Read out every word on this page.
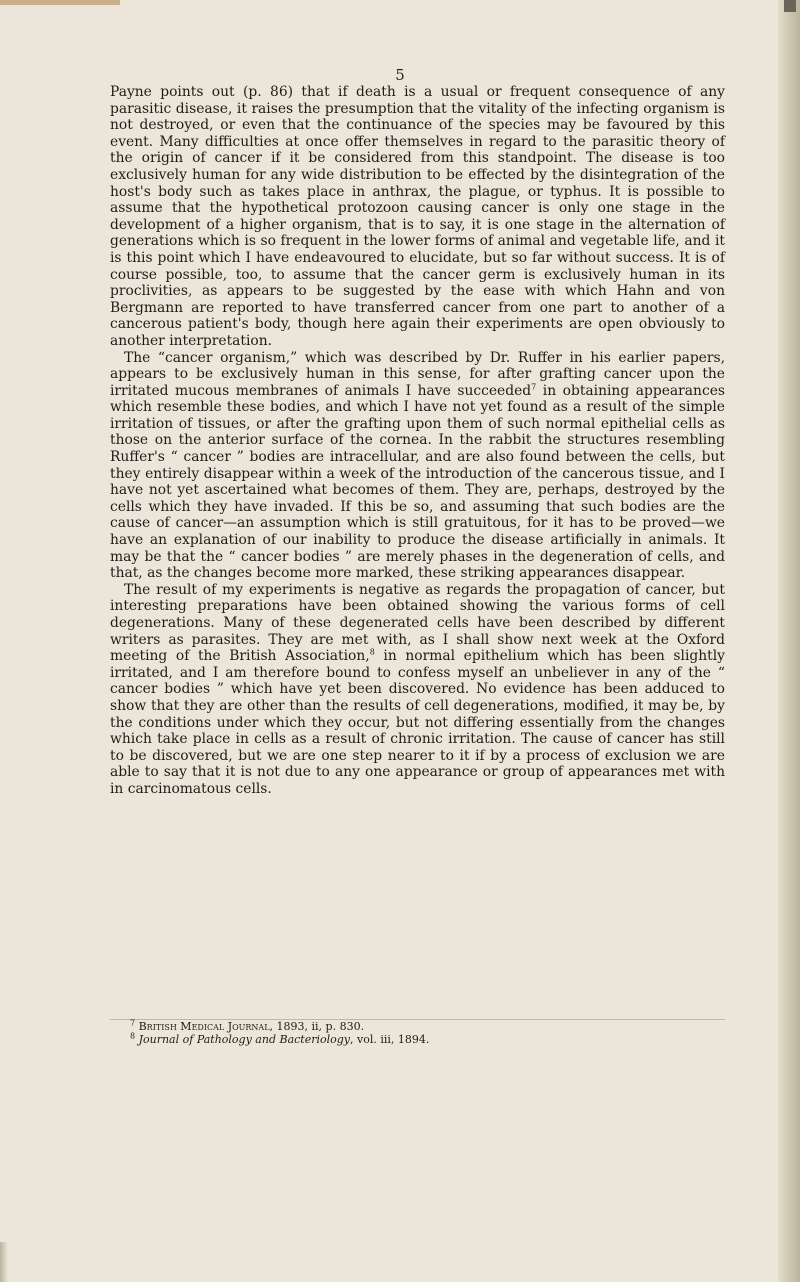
5

Payne points out (p. 86) that if death is a usual or frequent consequence of any parasitic disease, it raises the presumption that the vitality of the infecting organism is not destroyed, or even that the continuance of the species may be favoured by this event. Many difficulties at once offer themselves in regard to the parasitic theory of the origin of cancer if it be considered from this standpoint. The disease is too exclusively human for any wide distribution to be effected by the disintegration of the host's body such as takes place in anthrax, the plague, or typhus. It is possible to assume that the hypothetical protozoon causing cancer is only one stage in the development of a higher organism, that is to say, it is one stage in the alternation of generations which is so frequent in the lower forms of animal and vegetable life, and it is this point which I have endeavoured to elucidate, but so far without success. It is of course possible, too, to assume that the cancer germ is exclusively human in its proclivities, as appears to be suggested by the ease with which Hahn and von Bergmann are reported to have transferred cancer from one part to another of a cancerous patient's body, though here again their experiments are open obviously to another interpretation.

The “cancer organism,” which was described by Dr. Ruffer in his earlier papers, appears to be exclusively human in this sense, for after grafting cancer upon the irritated mucous membranes of animals I have succeeded$^7$ in obtaining appearances which resemble these bodies, and which I have not yet found as a result of the simple irritation of tissues, or after the grafting upon them of such normal epithelial cells as those on the anterior surface of the cornea. In the rabbit the structures resembling Ruffer's “ cancer ” bodies are intracellular, and are also found between the cells, but they entirely disappear within a week of the introduction of the cancerous tissue, and I have not yet ascertained what becomes of them. They are, perhaps, destroyed by the cells which they have invaded. If this be so, and assuming that such bodies are the cause of cancer—an assumption which is still gratuitous, for it has to be proved—we have an explanation of our inability to produce the disease artificially in animals. It may be that the “ cancer bodies ” are merely phases in the degeneration of cells, and that, as the changes become more marked, these striking appearances disappear.

The result of my experiments is negative as regards the propagation of cancer, but interesting preparations have been obtained showing the various forms of cell degenerations. Many of these degenerated cells have been described by different writers as parasites. They are met with, as I shall show next week at the Oxford meeting of the British Association,$^8$ in normal epithelium which has been slightly irritated, and I am therefore bound to confess myself an unbeliever in any of the “ cancer bodies ” which have yet been discovered. No evidence has been adduced to show that they are other than the results of cell degenerations, modified, it may be, by the conditions under which they occur, but not differing essentially from the changes which take place in cells as a result of chronic irritation. The cause of cancer has still to be discovered, but we are one step nearer to it if by a process of exclusion we are able to say that it is not due to any one appearance or group of appearances met with in carcinomatous cells.

$^7$ British Medical Journal, 1893, ii, p. 830.
$^8$ Journal of Pathology and Bacteriology, vol. iii, 1894.
